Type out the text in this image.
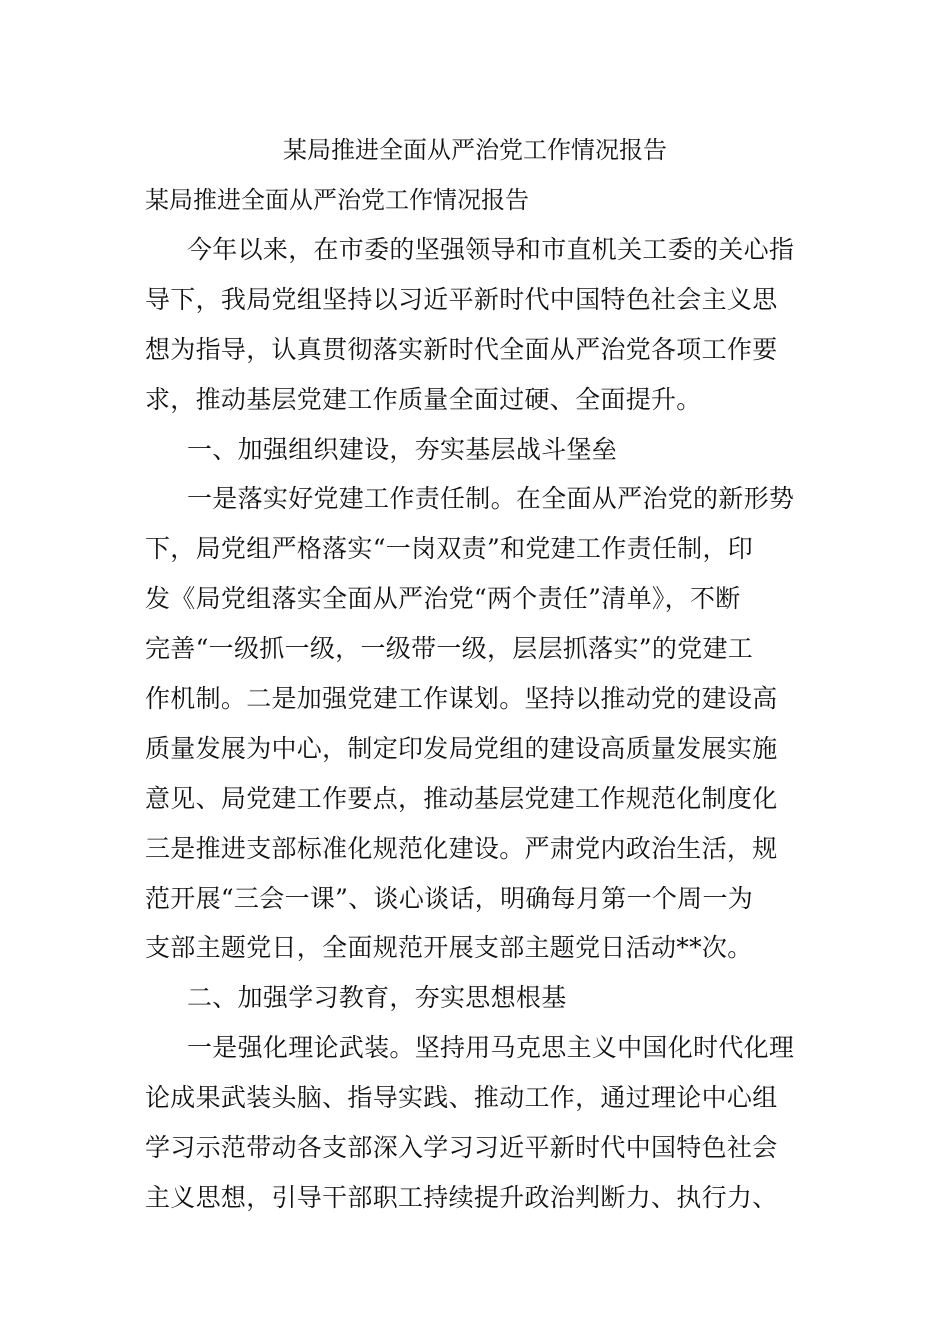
某局推进全面从严治党工作情况报告
某局推进全面从严治党工作情况报告
今年以来，在市委的坚强领导和市直机关工委的关心指
导下，我局党组坚持以习近平新时代中国特色社会主义思
想为指导，认真贯彻落实新时代全面从严治党各项工作要
求，推动基层党建工作质量全面过硬、全面提升。
一、加强组织建设，夯实基层战斗堡垒
一是落实好党建工作责任制。在全面从严治党的新形势
下，局党组严格落实“一岗双责”和党建工作责任制，印
发《局党组落实全面从严治党“两个责任”清单》，不断
完善“一级抓一级，一级带一级，层层抓落实”的党建工
作机制。二是加强党建工作谋划。坚持以推动党的建设高
质量发展为中心，制定印发局党组的建设高质量发展实施
意见、局党建工作要点，推动基层党建工作规范化制度化
三是推进支部标准化规范化建设。严肃党内政治生活，规
范开展“三会一课”、谈心谈话，明确每月第一个周一为
支部主题党日，全面规范开展支部主题党日活动**次。
二、加强学习教育，夯实思想根基
一是强化理论武装。坚持用马克思主义中国化时代化理
论成果武装头脑、指导实践、推动工作，通过理论中心组
学习示范带动各支部深入学习习近平新时代中国特色社会
主义思想，引导干部职工持续提升政治判断力、执行力、
